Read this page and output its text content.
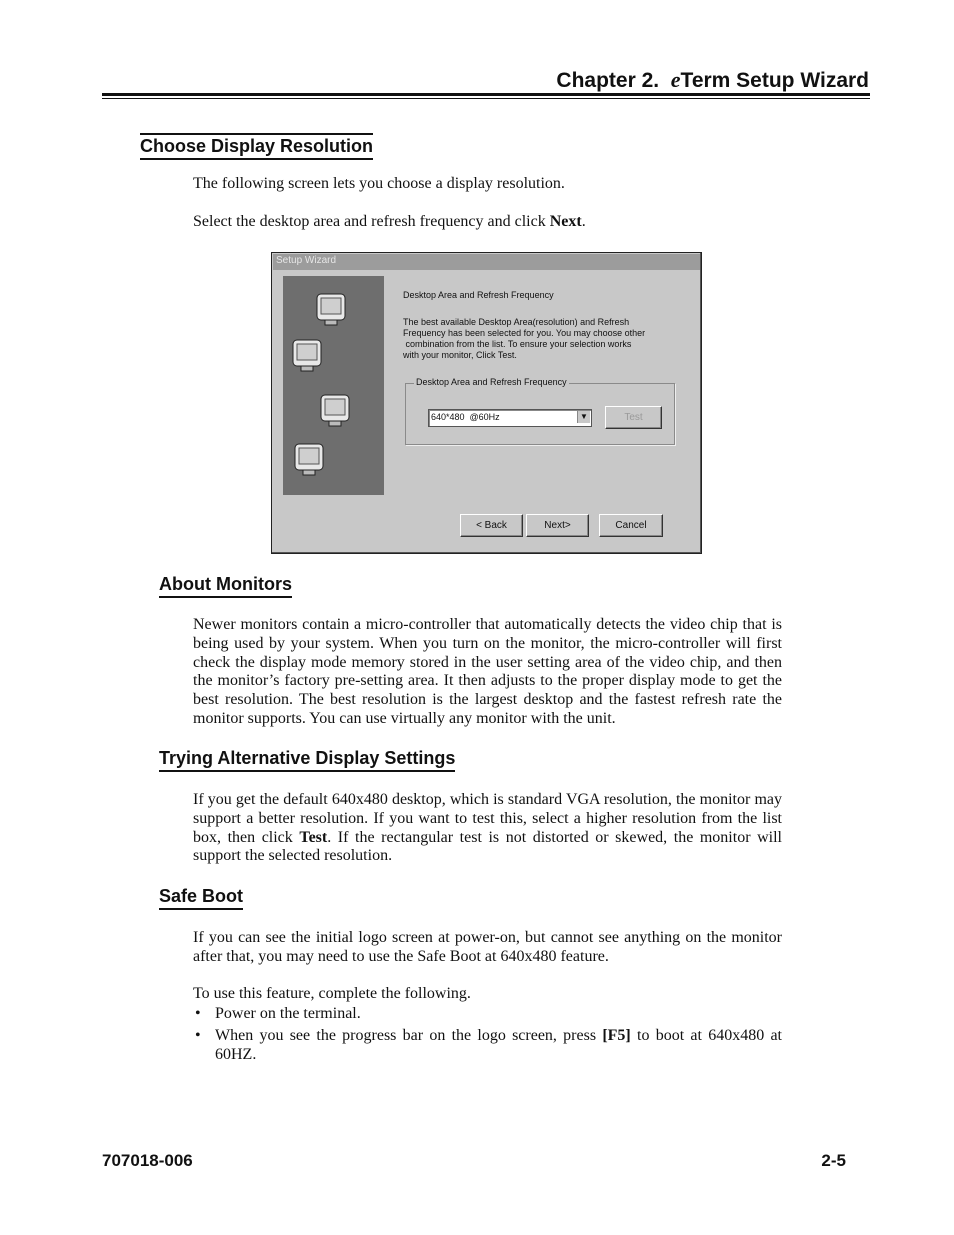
Chapter 2. eTerm Setup Wizard
Choose Display Resolution
The following screen lets you choose a display resolution.
Select the desktop area and refresh frequency and click Next.
Setup Wizard
Desktop Area and Refresh Frequency
The best available Desktop Area(resolution) and Refresh
Frequency has been selected for you. You may choose other
combination from the list. To ensure your selection works
with your monitor, Click Test.
Desktop Area and Refresh Frequency
640*480  @60Hz	▼	Test
< Back	Next>	Cancel
About Monitors
Newer monitors contain a micro-controller that automatically detects the video chip that is being used by your system. When you turn on the monitor, the micro-controller will first check the display mode memory stored in the user setting area of the video chip, and then the monitor’s factory pre-setting area. It then adjusts to the proper display mode to get the best resolution. The best resolution is the largest desktop and the fastest refresh rate the monitor supports. You can use virtually any monitor with the unit.
Trying Alternative Display Settings
If you get the default 640x480 desktop, which is standard VGA resolution, the monitor may support a better resolution. If you want to test this, select a higher resolution from the list box, then click Test. If the rectangular test is not distorted or skewed, the monitor will support the selected resolution.
Safe Boot
If you can see the initial logo screen at power-on, but cannot see anything on the monitor after that, you may need to use the Safe Boot at 640x480 feature.
To use this feature, complete the following.
• Power on the terminal.
• When you see the progress bar on the logo screen, press [F5] to boot at 640x480 at 60HZ.
707018-006	2-5
